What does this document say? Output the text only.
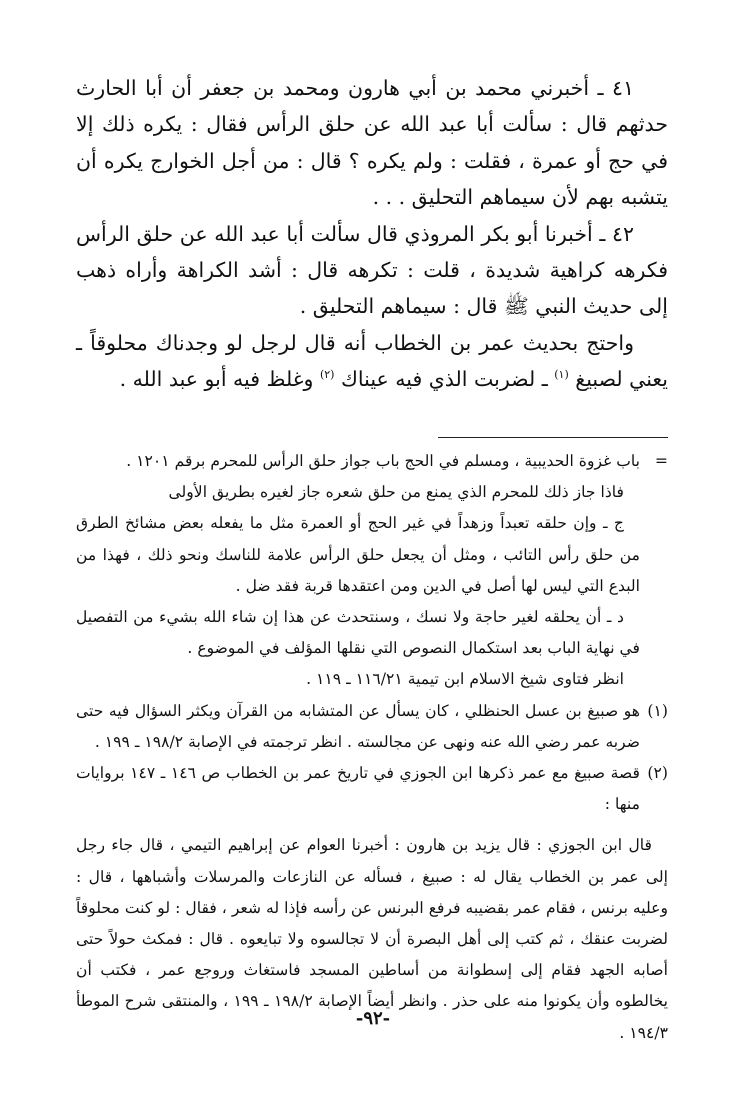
٤١ ـ أخبرني محمد بن أبي هارون ومحمد بن جعفر أن أبا الحارث حدثهم قال : سألت أبا عبد الله عن حلق الرأس فقال : يكره ذلك إلا في حج أو عمرة ، فقلت : ولم يكره ؟ قال : من أجل الخوارج يكره أن يتشبه بهم لأن سيماهم التحليق . . .

٤٢ ـ أخبرنا أبو بكر المروذي قال سألت أبا عبد الله عن حلق الرأس فكرهه كراهية شديدة ، قلت : تكرهه قال : أشد الكراهة وأراه ذهب إلى حديث النبي ﷺ قال : سيماهم التحليق .

واحتج بحديث عمر بن الخطاب أنه قال لرجل لو وجدناك محلوقاً ـ يعني لصبيغ $^{(١)}$ ـ لضربت الذي فيه عيناك $^{(٢)}$ وغلظ فيه أبو عبد الله .

=

باب غزوة الحديبية ، ومسلم في الحج باب جواز حلق الرأس للمحرم برقم ١٢٠١ .

فاذا جاز ذلك للمحرم الذي يمنع من حلق شعره جاز لغيره بطريق الأولى

ج ـ وإن حلقه تعبداً وزهداً في غير الحج أو العمرة مثل ما يفعله بعض مشائخ الطرق من حلق رأس التائب ، ومثل أن يجعل حلق الرأس علامة للناسك ونحو ذلك ، فهذا من البدع التي ليس لها أصل في الدين ومن اعتقدها قربة فقد ضل .

د ـ أن يحلقه لغير حاجة ولا نسك ، وسنتحدث عن هذا إن شاء الله بشيء من التفصيل في نهاية الباب بعد استكمال النصوص التي نقلها المؤلف في الموضوع .

انظر فتاوى شيخ الاسلام ابن تيمية ١١٦/٢١ ـ ١١٩ .

(١)

هو صبيغ بن عسل الحنظلي ، كان يسأل عن المتشابه من القرآن ويكثر السؤال فيه حتى ضربه عمر رضي الله عنه ونهى عن مجالسته . انظر ترجمته في الإصابة ١٩٨/٢ ـ ١٩٩ .

(٢)

قصة صبيغ مع عمر ذكرها ابن الجوزي في تاريخ عمر بن الخطاب ص ١٤٦ ـ ١٤٧ بروايات منها :

قال ابن الجوزي : قال يزيد بن هارون : أخبرنا العوام عن إبراهيم التيمي ، قال جاء رجل إلى عمر بن الخطاب يقال له : صبيغ ، فسأله عن النازعات والمرسلات وأشباهها ، قال : وعليه برنس ، فقام عمر بقضيبه فرفع البرنس عن رأسه فإذا له شعر ، فقال : لو كنت محلوقاً لضربت عنقك ، ثم كتب إلى أهل البصرة أن لا تجالسوه ولا تبايعوه . قال : فمكث حولاً حتى أصابه الجهد فقام إلى إسطوانة من أساطين المسجد فاستغاث وروجع عمر ، فكتب أن يخالطوه وأن يكونوا منه على حذر . وانظر أيضاً الإصابة ١٩٨/٢ ـ ١٩٩ ، والمنتقى شرح الموطأ ١٩٤/٣ .

-٩٢-
